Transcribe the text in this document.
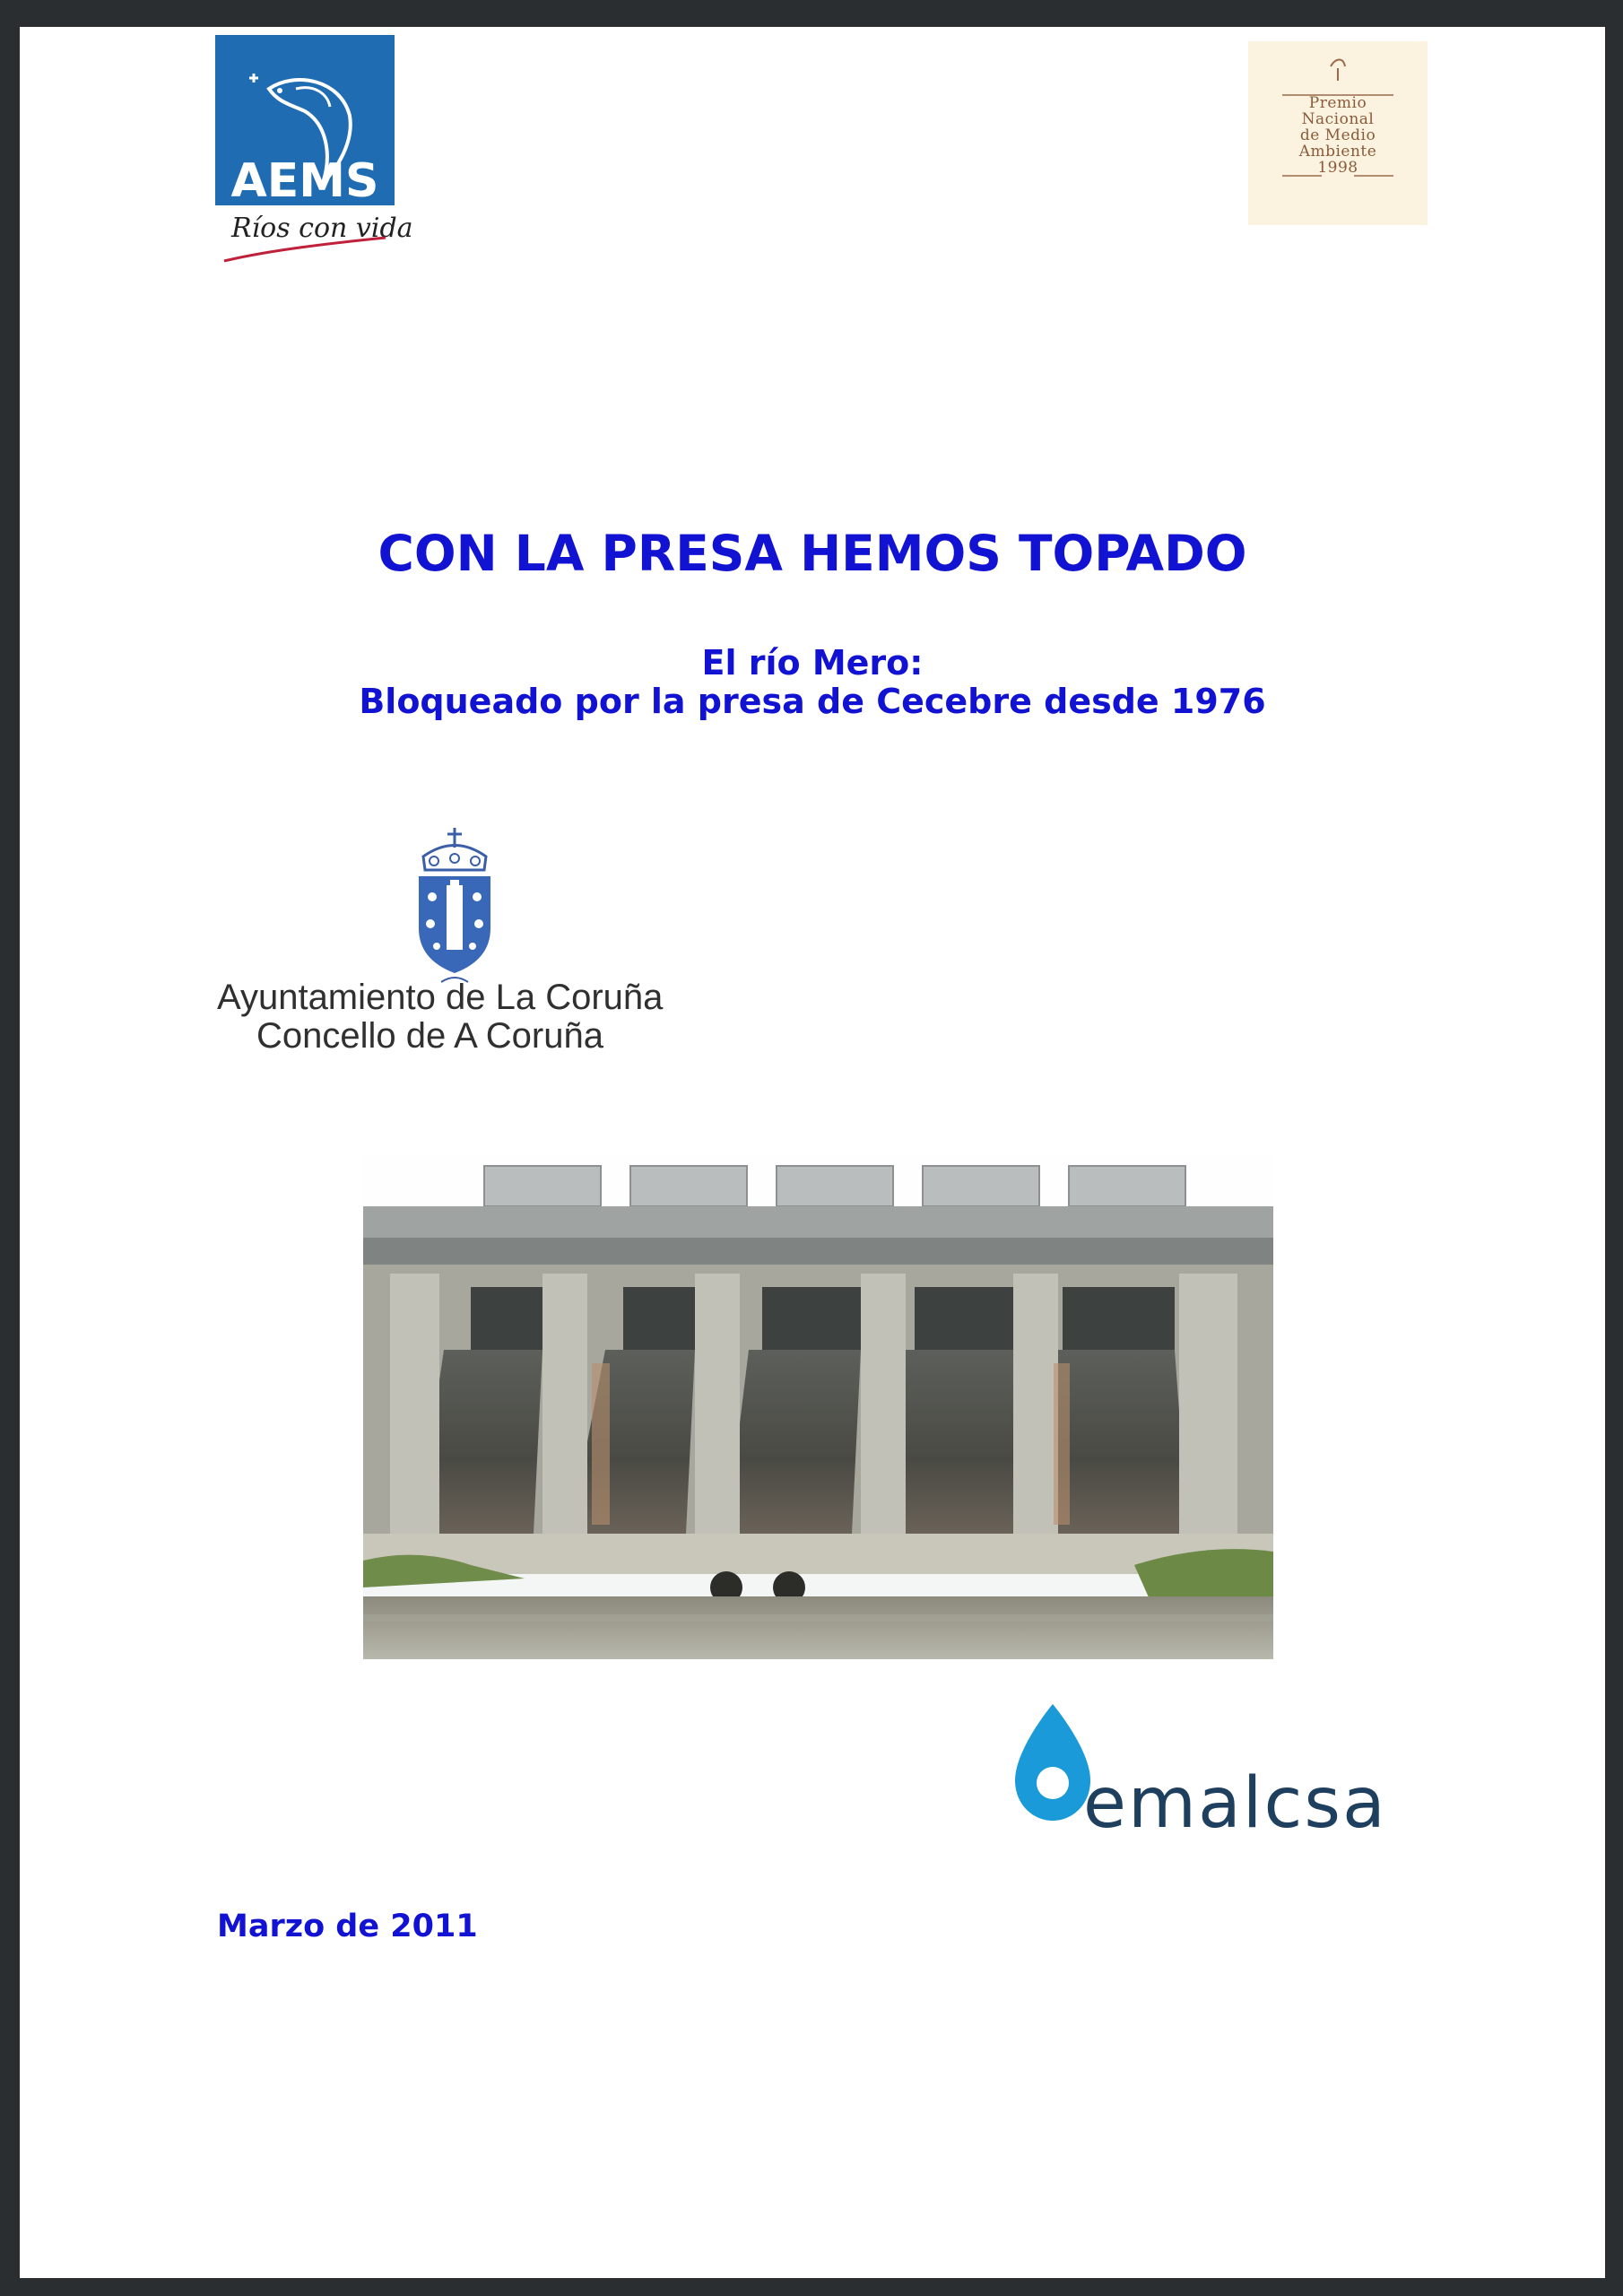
AEMS
Ríos con vida
Premio
Nacional
de Medio
Ambiente
1998
CON LA PRESA HEMOS TOPADO
El río Mero:
Bloqueado por la presa de Cecebre desde 1976
Ayuntamiento de La Coruña
Concello de A Coruña
emalcsa
Marzo de 2011
